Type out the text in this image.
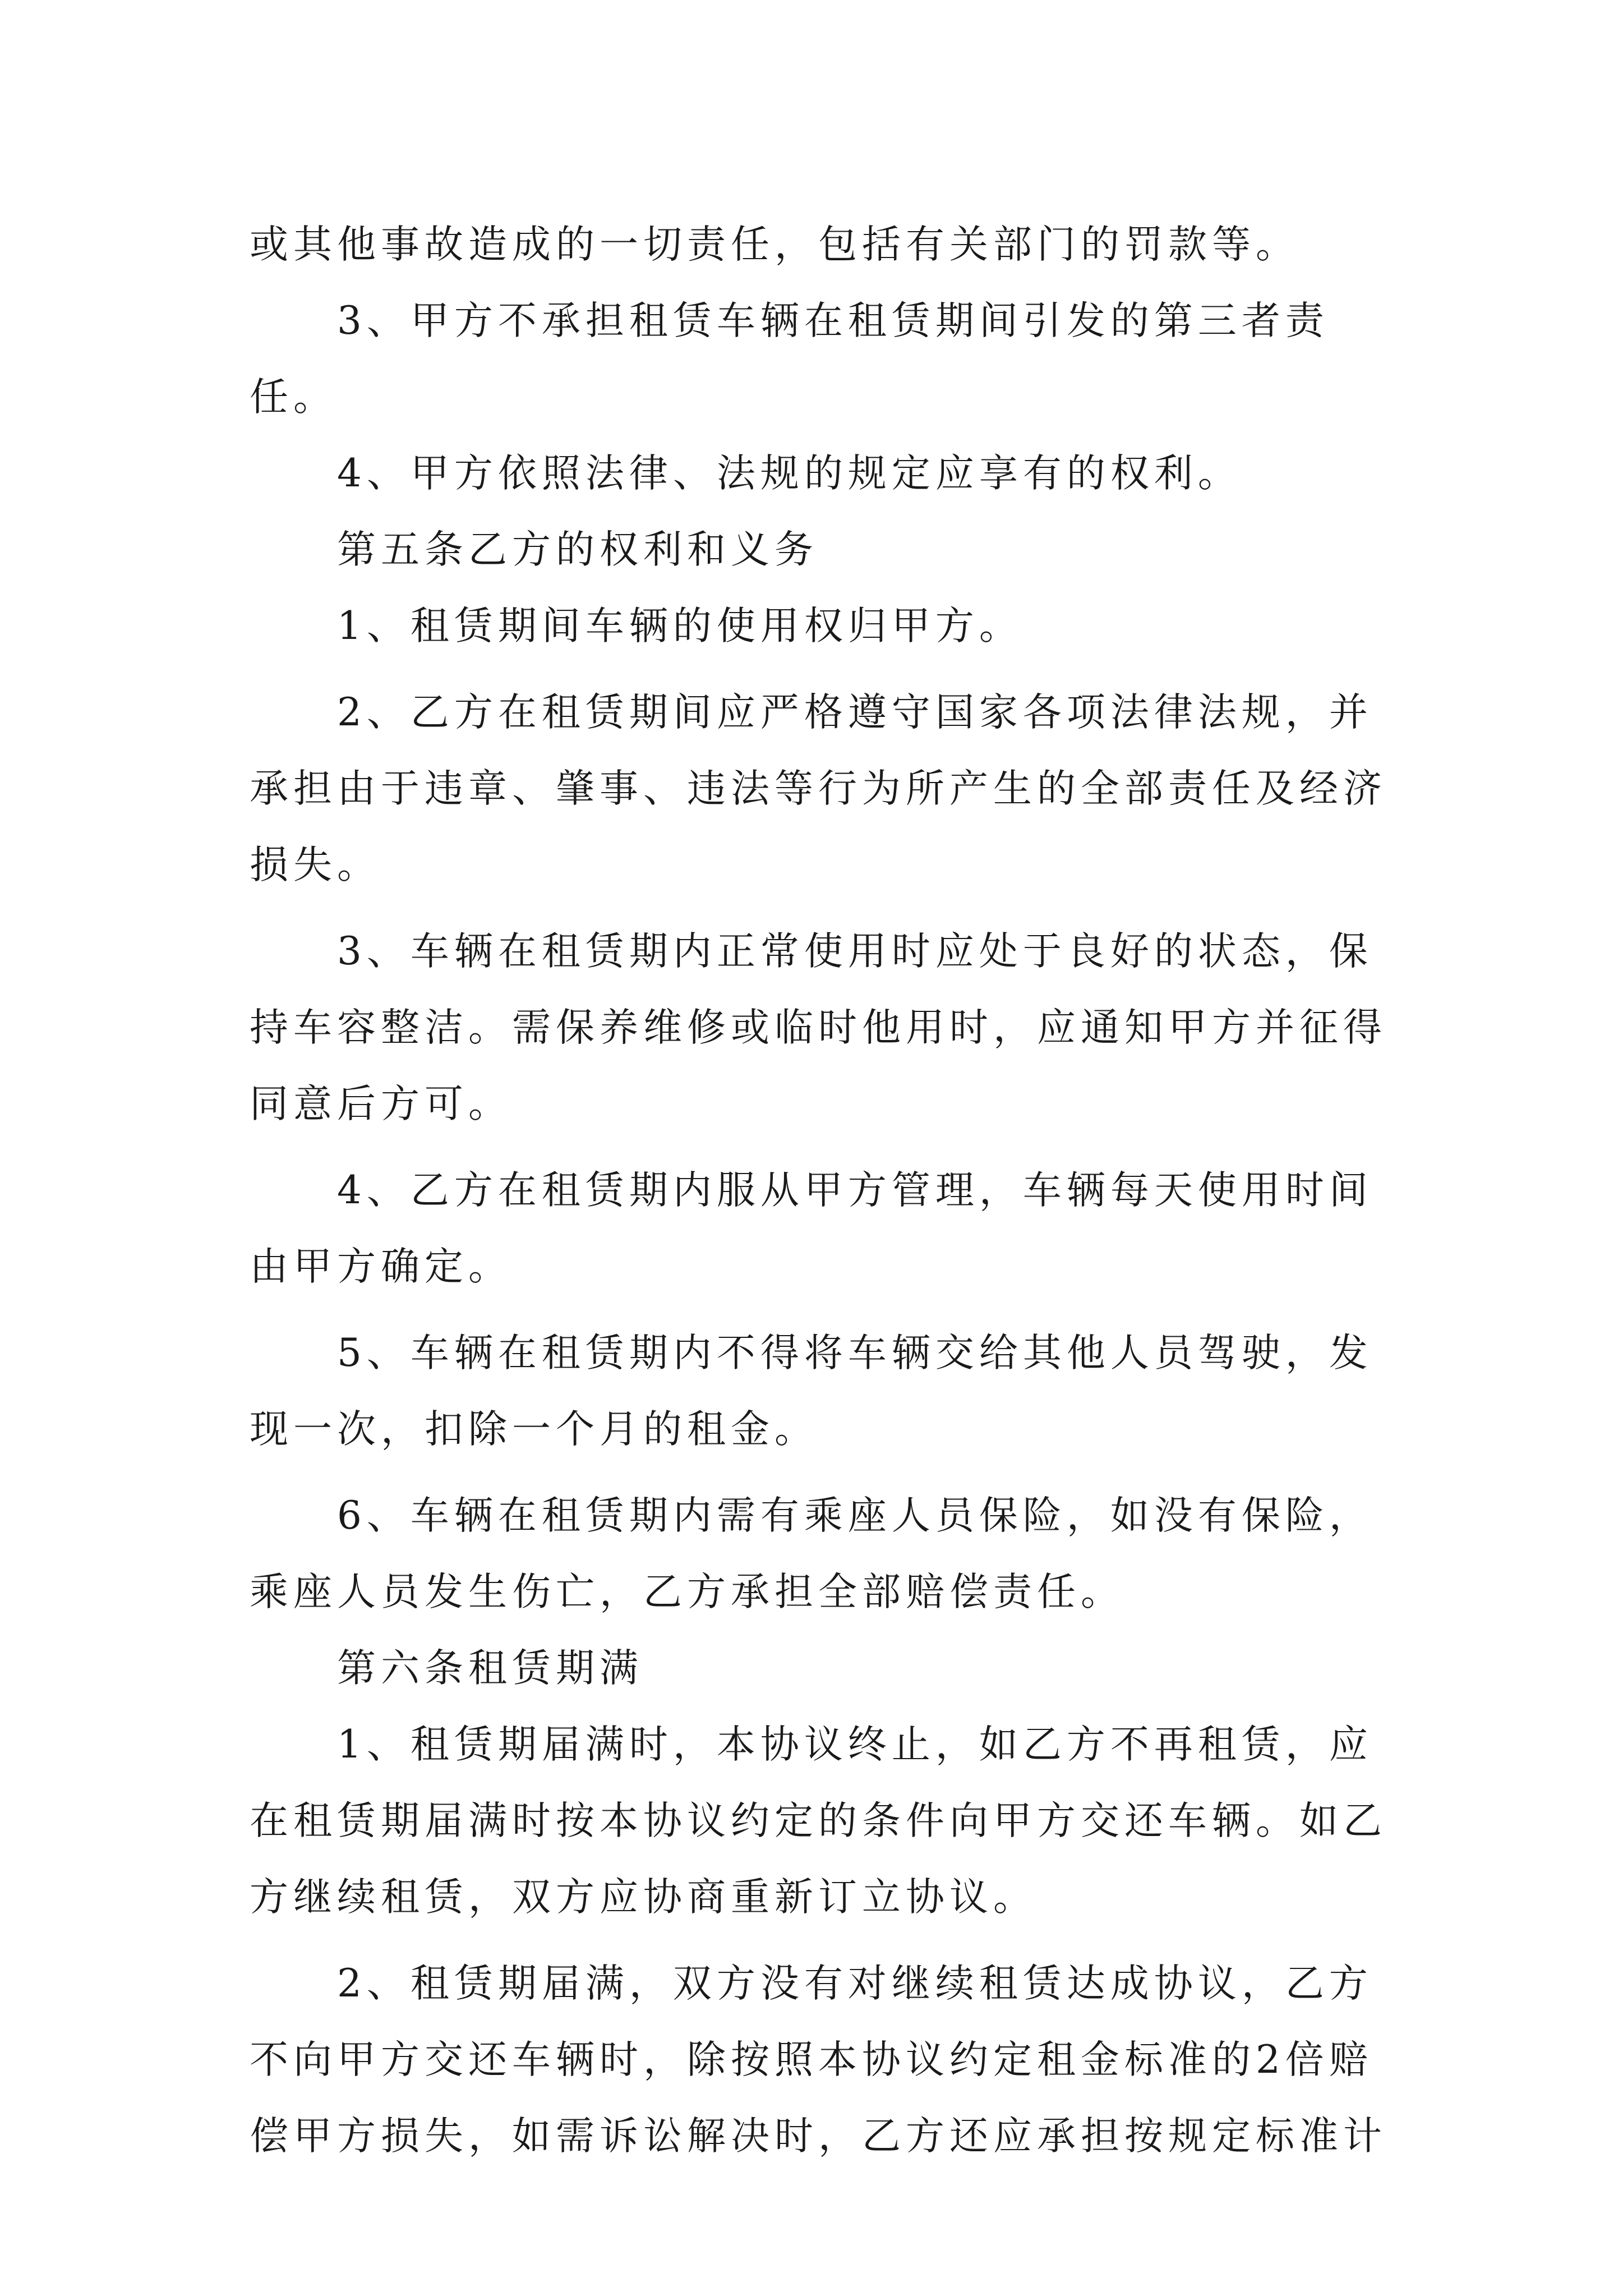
或其他事故造成的一切责任，包括有关部门的罚款等。

3、甲方不承担租赁车辆在租赁期间引发的第三者责任。

4、甲方依照法律、法规的规定应享有的权利。

第五条乙方的权利和义务

1、租赁期间车辆的使用权归甲方。

2、乙方在租赁期间应严格遵守国家各项法律法规，并承担由于违章、肇事、违法等行为所产生的全部责任及经济损失。

3、车辆在租赁期内正常使用时应处于良好的状态，保持车容整洁。需保养维修或临时他用时，应通知甲方并征得同意后方可。

4、乙方在租赁期内服从甲方管理，车辆每天使用时间由甲方确定。

5、车辆在租赁期内不得将车辆交给其他人员驾驶，发现一次，扣除一个月的租金。

6、车辆在租赁期内需有乘座人员保险，如没有保险，乘座人员发生伤亡，乙方承担全部赔偿责任。

第六条租赁期满

1、租赁期届满时，本协议终止，如乙方不再租赁，应在租赁期届满时按本协议约定的条件向甲方交还车辆。如乙方继续租赁，双方应协商重新订立协议。

2、租赁期届满，双方没有对继续租赁达成协议，乙方不向甲方交还车辆时，除按照本协议约定租金标准的2倍赔偿甲方损失，如需诉讼解决时，乙方还应承担按规定标准计
